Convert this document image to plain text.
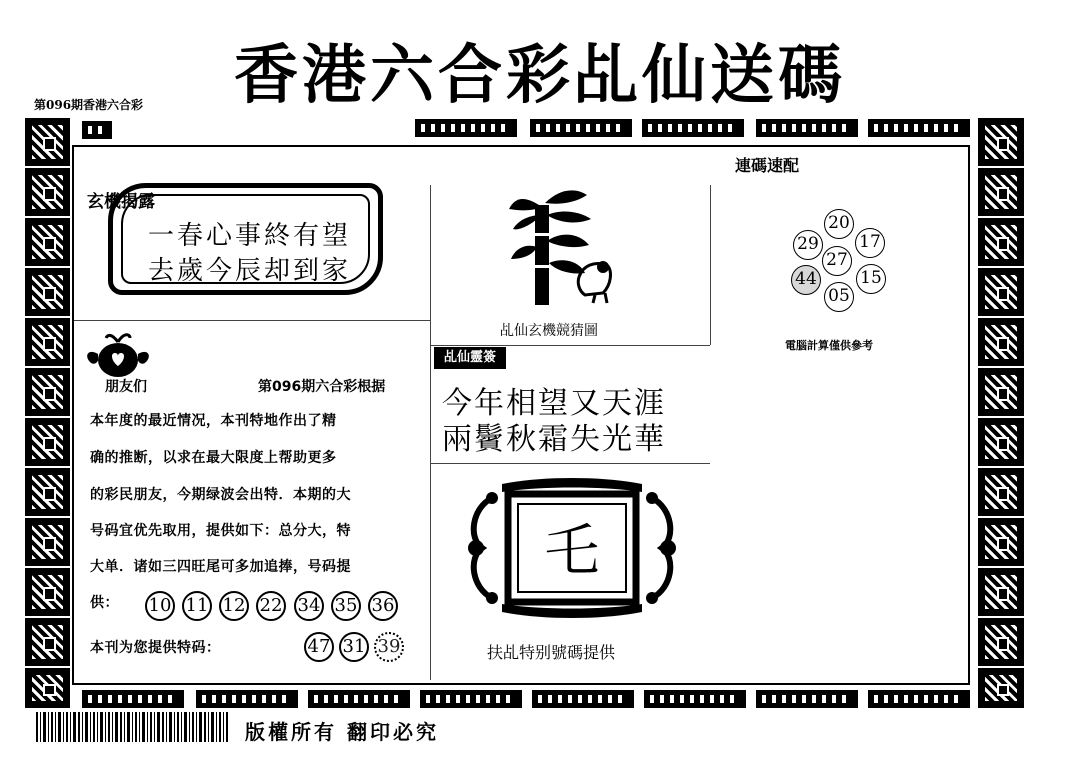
香港六合彩乩仙送碼
第096期香港六合彩
玄機揭露
一春心事終有望
去歲今辰却到家
朋友们	第096期六合彩根据
本年度的最近情况，本刊特地作出了精
确的推断，以求在最大限度上帮助更多
的彩民朋友，今期绿波会出特．本期的大
号码宜优先取用，提供如下：总分大，特
大单．诸如三四旺尾可多加追捧，号码提
供： 10 11 12 22 34 35 36
本刊为您提供特码：	47 31 39
乩仙玄機競猜圖
乩仙靈簽
今年相望又天涯
兩鬢秋霜失光華
乇
扶乩特别號碼提供
連碼速配
20
29 17
27
44	15
05
電腦計算僅供參考
版權所有 翻印必究
